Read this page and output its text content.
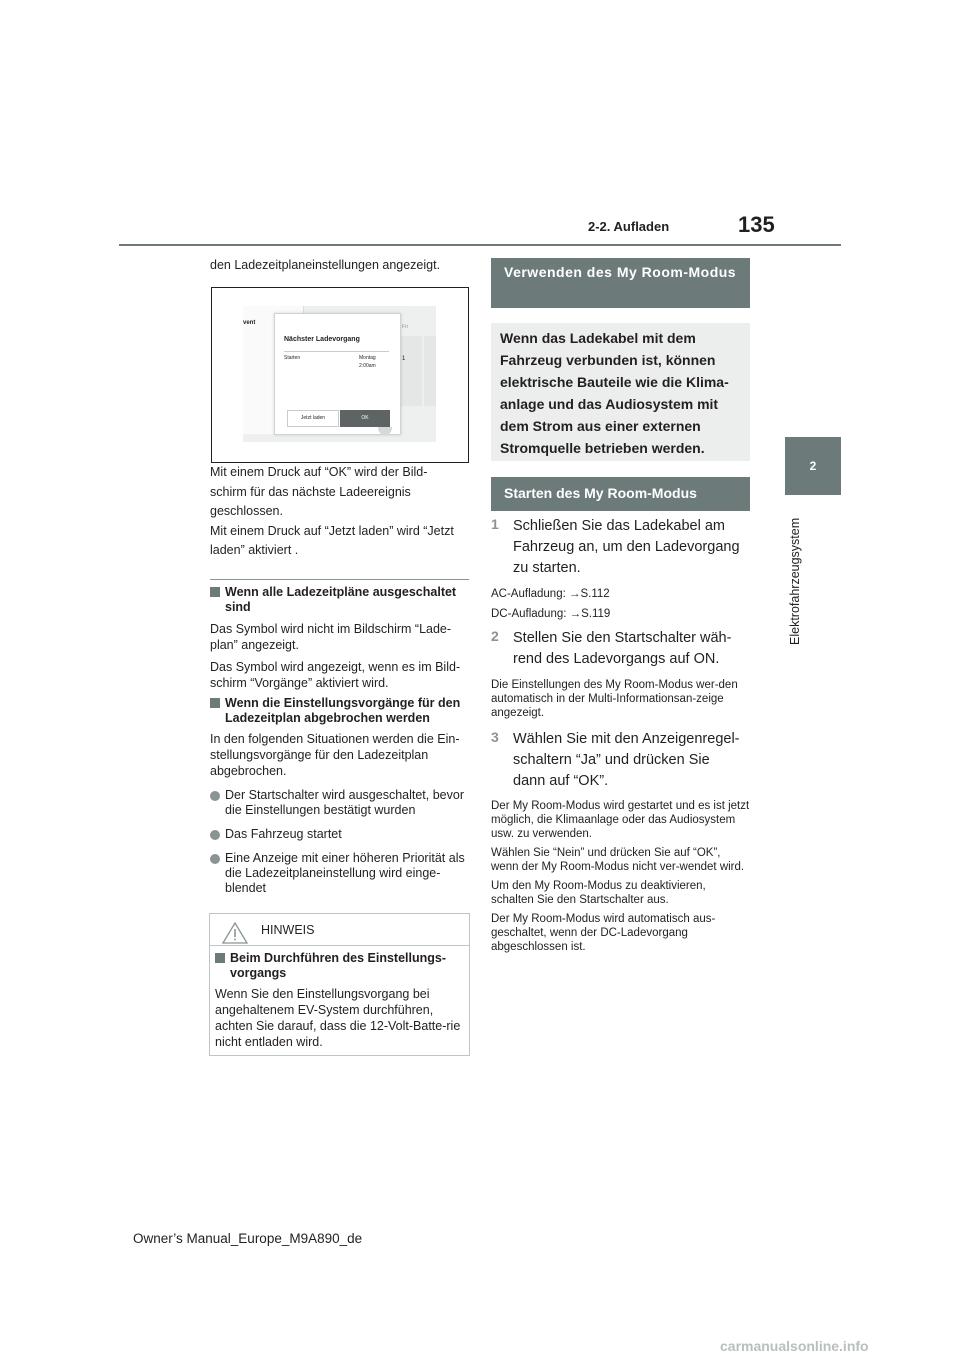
2-2. Aufladen	135
2
Elektrofahrzeugsystem

den Ladezeitplaneinstellungen angezeigt.

vent
Fri
1
Nächster Ladevorgang
Starten	Montag
2:00am
Jetzt laden	OK

Mit einem Druck auf “OK” wird der Bild-

schirm für das nächste Ladeereignis

geschlossen.

Mit einem Druck auf “Jetzt laden” wird “Jetzt

laden” aktiviert .

Wenn alle Ladezeitpläne ausgeschaltet sind

Das Symbol wird nicht im Bildschirm “Lade-plan” angezeigt.

Das Symbol wird angezeigt, wenn es im Bild-schirm “Vorgänge” aktiviert wird.

Wenn die Einstellungsvorgänge für den Ladezeitplan abgebrochen werden

In den folgenden Situationen werden die Ein-stellungsvorgänge für den Ladezeitplan abgebrochen.

Der Startschalter wird ausgeschaltet, bevor die Einstellungen bestätigt wurden
Das Fahrzeug startet
Eine Anzeige mit einer höheren Priorität als die Ladezeitplaneinstellung wird einge-blendet
HINWEIS
Beim Durchführen des Einstellungs-vorgangs

Wenn Sie den Einstellungsvorgang bei angehaltenem EV-System durchführen, achten Sie darauf, dass die 12-Volt-Batte-rie nicht entladen wird.

Verwenden des My Room-Modus

Wenn das Ladekabel mit dem

Fahrzeug verbunden ist, können

elektrische Bauteile wie die Klima-

anlage und das Audiosystem mit

dem Strom aus einer externen

Stromquelle betrieben werden.

Starten des My Room-Modus
1 Schließen Sie das Ladekabel am Fahrzeug an, um den Ladevorgang zu starten.

AC-Aufladung: →S.112

DC-Aufladung: →S.119

2 Stellen Sie den Startschalter wäh-rend des Ladevorgangs auf ON.

Die Einstellungen des My Room-Modus wer-den automatisch in der Multi-Informationsan-zeige angezeigt.

3 Wählen Sie mit den Anzeigenregel-schaltern “Ja” und drücken Sie dann auf “OK”.

Der My Room-Modus wird gestartet und es ist jetzt möglich, die Klimaanlage oder das Audiosystem usw. zu verwenden.

Wählen Sie “Nein” und drücken Sie auf “OK”, wenn der My Room-Modus nicht ver-wendet wird.

Um den My Room-Modus zu deaktivieren, schalten Sie den Startschalter aus.

Der My Room-Modus wird automatisch aus-geschaltet, wenn der DC-Ladevorgang abgeschlossen ist.

Owner’s Manual_Europe_M9A890_de
carmanualsonline.info
